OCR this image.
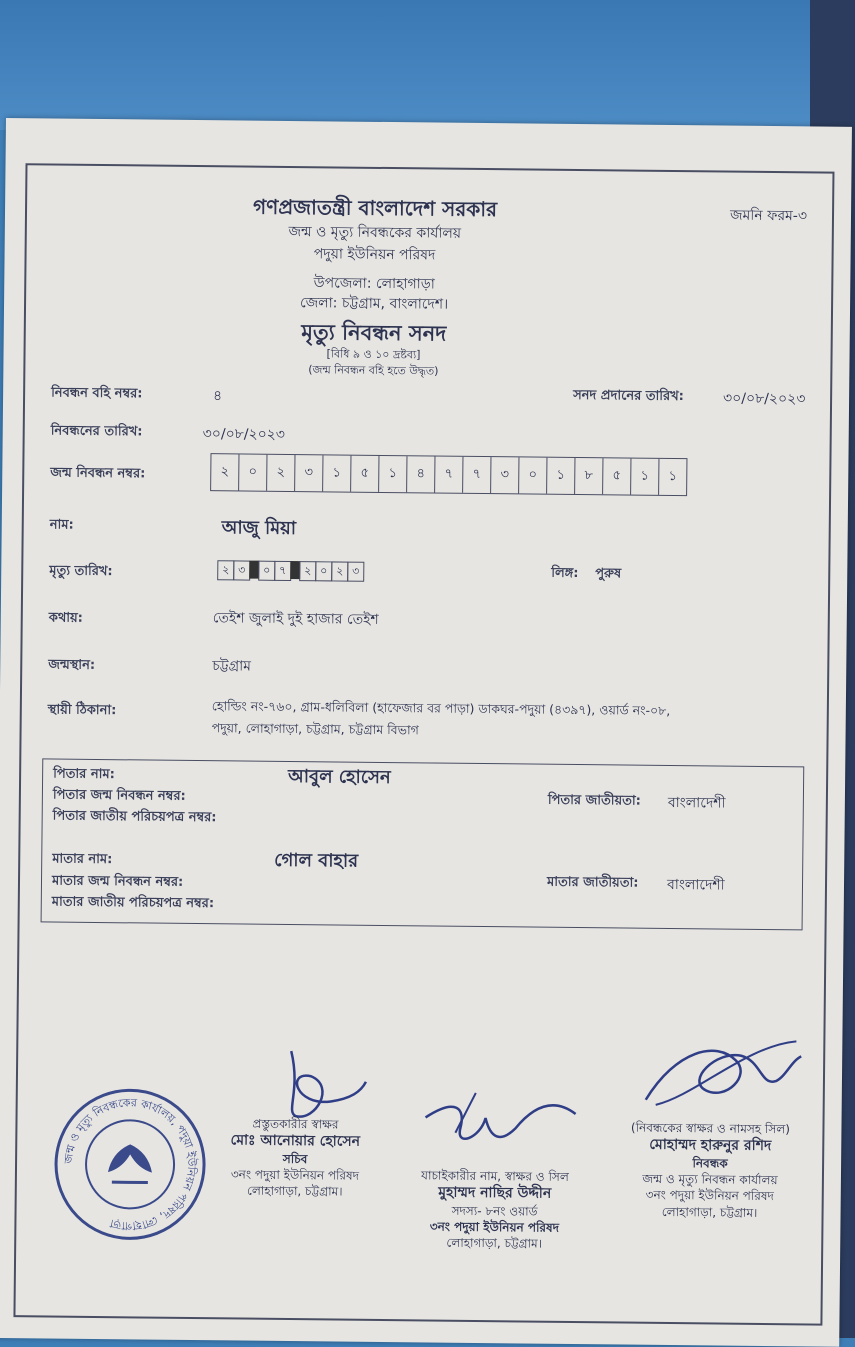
গণপ্রজাতন্ত্রী বাংলাদেশ সরকার	জমনি ফরম-৩
জন্ম ও মৃত্যু নিবন্ধকের কার্যালয়
পদুয়া ইউনিয়ন পরিষদ
উপজেলা: লোহাগাড়া
জেলা: চট্টগ্রাম, বাংলাদেশ।
মৃত্যু নিবন্ধন সনদ
[বিধি ৯ ও ১০ দ্রষ্টব্য]
(জন্ম নিবন্ধন বহি হতে উদ্ধৃত)
নিবন্ধন বহি নম্বর:	৪	সনদ প্রদানের তারিখ:	৩০/০৮/২০২৩
নিবন্ধনের তারিখ:	৩০/০৮/২০২৩
জন্ম নিবন্ধন নম্বর:	২	০	২	৩	১	৫	১	৪	৭	৭	৩	০	১	৮	৫	১	১
নাম:	আজু মিয়া
মৃত্যু তারিখ:	২ ৩	০ ৭	২ ০ ২ ৩	লিঙ্গ: পুরুষ
কথায়:	তেইশ জুলাই দুই হাজার তেইশ
জন্মস্থান:	চট্টগ্রাম
স্থায়ী ঠিকানা:	হোল্ডিং নং-৭৬০, গ্রাম-ধলিবিলা (হাফেজার বর পাড়া) ডাকঘর-পদুয়া (৪৩৯৭), ওয়ার্ড নং-০৮,
পদুয়া, লোহাগাড়া, চট্টগ্রাম, চট্টগ্রাম বিভাগ
পিতার নাম:	আবুল হোসেন
পিতার জন্ম নিবন্ধন নম্বর:	পিতার জাতীয়তা: বাংলাদেশী
পিতার জাতীয় পরিচয়পত্র নম্বর:
মাতার নাম:	গোল বাহার
মাতার জন্ম নিবন্ধন নম্বর:	মাতার জাতীয়তা: বাংলাদেশী
মাতার জাতীয় পরিচয়পত্র নম্বর:
জন্ম ও মৃত্যু নিবন্ধকের কার্যালয়, পদুয়া ইউনিয়ন পরিষদ, লোহাগাড়া
প্রস্তুতকারীর স্বাক্ষর
মোঃ আনোয়ার হোসেন
সচিব
৩নং পদুয়া ইউনিয়ন পরিষদ
লোহাগাড়া, চট্টগ্রাম।
যাচাইকারীর নাম, স্বাক্ষর ও সিল
মুহাম্মদ নাছির উদ্দীন
সদস্য- ৮নং ওয়ার্ড
৩নং পদুয়া ইউনিয়ন পরিষদ
লোহাগাড়া, চট্টগ্রাম।
(নিবন্ধকের স্বাক্ষর ও নামসহ সিল)
মোহাম্মদ হারুনুর রশিদ
নিবন্ধক
জন্ম ও মৃত্যু নিবন্ধন কার্যালয়
৩নং পদুয়া ইউনিয়ন পরিষদ
লোহাগাড়া, চট্টগ্রাম।
